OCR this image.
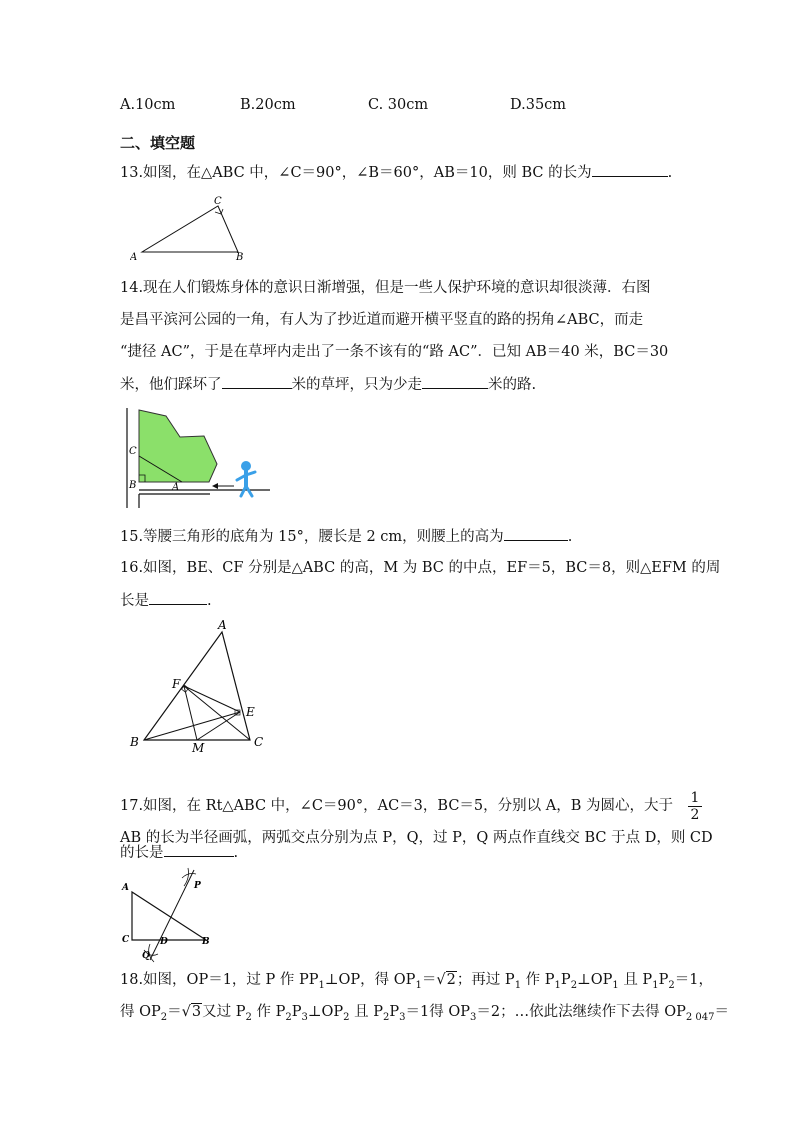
A.10cm	B.20cm	C. 30cm	D.35cm
二、填空题
13.如图，在△ABC 中，∠C＝90°，∠B＝60°，AB＝10，则 BC 的长为	.
A	B
C
14.现在人们锻炼身体的意识日渐增强，但是一些人保护环境的意识却很淡薄．右图
是昌平滨河公园的一角，有人为了抄近道而避开横平竖直的路的拐角∠ABC，而走
“捷径 AC”，于是在草坪内走出了一条不该有的“路 AC”．已知 AB＝40 米，BC＝30
米，他们踩坏了	米的草坪，只为少走	米的路.
C
B	A
15.等腰三角形的底角为 15°，腰长是 2 cm，则腰上的高为	.
16.如图，BE、CF 分别是△ABC 的高，M 为 BC 的中点，EF＝5，BC＝8，则△EFM 的周
长是	.
A
B	C
E
F
M
17.如图，在 Rt△ABC 中，∠C＝90°，AC＝3，BC＝5，分别以 A，B 为圆心，大于 $\frac{1}{2}$
AB 的长为半径画弧，两弧交点分别为点 P，Q，过 P，Q 两点作直线交 BC 于点 D，则 CD
的长是	.
A
C	D	B
P
Q
18.如图，OP＝1，过 P 作 $PP_1\perp OP$，得 $OP_1=√2$；再过 $P_1$ 作 $P_1P_2\perp OP_1$ 且 $P_1P_2=1$，
得 $OP_2=√3$又过 $P_2$ 作 $P_2P_3\perp OP_2$ 且 $P_2P_3=1$得 $OP_3=2$；…依此法继续作下去得 $OP_{2 047}=$
